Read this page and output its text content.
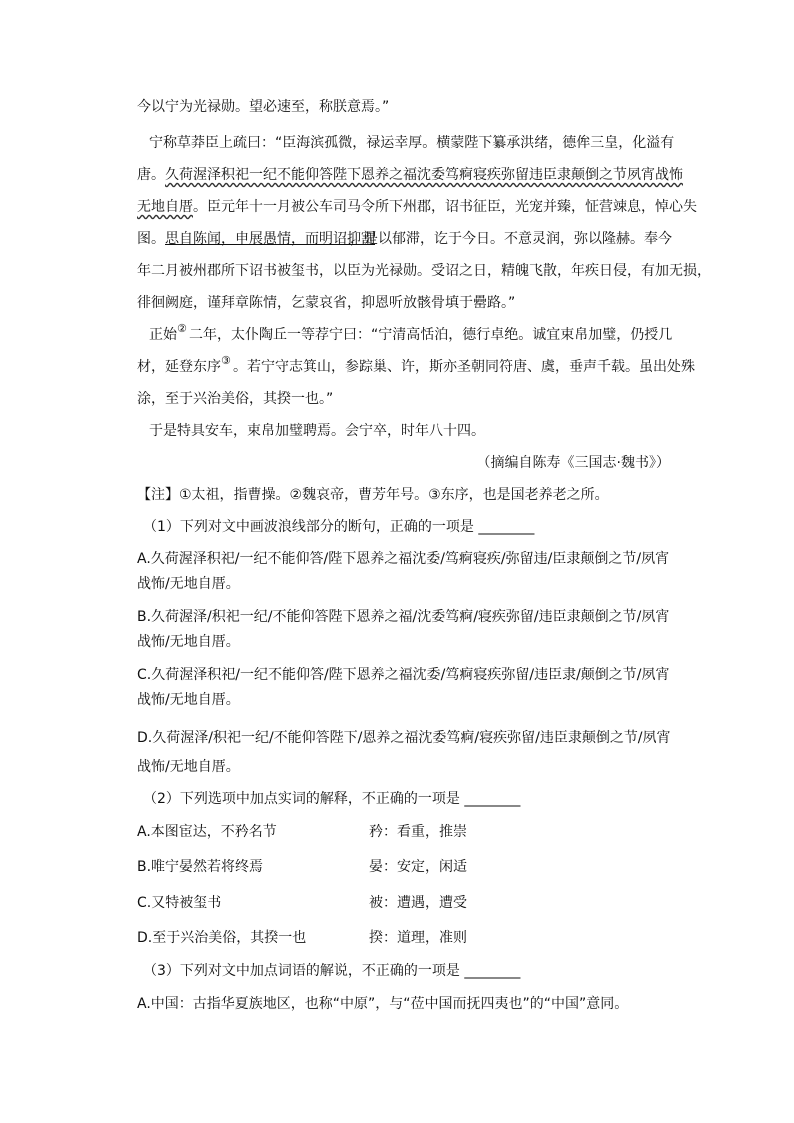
今以宁为光禄勋。望必速至，称朕意焉。”
宁称草莽臣上疏曰：“臣海滨孤微，禄运幸厚。横蒙陛下纂承洪绪，德侔三皇，化溢有
唐。 久荷渥泽积祀一纪不能仰答陛下恩养之福沈委笃痾寝疾弥留违臣隶颠倒之节夙宵战怖
无地自厝 。臣元年十一月被公车司马令所下州郡，诏书征臣，光宠并臻，怔营竦息，悼心失
图。 思自陈闻，申展愚情，而明诏抑割
，是以郁滞，讫于今日。不意灵润，弥以隆赫。奉今
年二月被州郡所下诏书被玺书，以臣为光禄勋。受诏之日，精魄飞散，年疾日侵，有加无损，
徘徊阙庭，谨拜章陈情，乞蒙哀省，抑恩听放骸骨填于罍路。”
正始 ② 二年，太仆陶丘一等荐宁曰：“宁清高恬泊，德行卓绝。诚宜束帛加璧，仍授几
材，延登东序 ③ 。若宁守志箕山，参踪巢、许，斯亦圣朝同符唐、虞，垂声千载。虽出处殊
涂，至于兴治美俗，其揆一也。”
于是特具安车，束帛加璧聘焉。会宁卒，时年八十四。
（摘编自陈寿《三国志·魏书》）
【注】①太祖，指曹操。②魏哀帝，曹芳年号。③东序，也是国老养老之所。
（1）下列对文中画波浪线部分的断句，正确的一项是 ________
A.久荷渥泽积祀/一纪不能仰答/陛下恩养之福沈委/笃痾寝疾/弥留违/臣隶颠倒之节/夙宵
战怖/无地自厝。
B.久荷渥泽/积祀一纪/不能仰答陛下恩养之福/沈委笃痾/寝疾弥留/违臣隶颠倒之节/夙宵
战怖/无地自厝。
C.久荷渥泽积祀/一纪不能仰答/陛下恩养之福沈委/笃痾寝疾弥留/违臣隶/颠倒之节/夙宵
战怖/无地自厝。
D.久荷渥泽/积祀一纪/不能仰答陛下/恩养之福沈委笃痾/寝疾弥留/违臣隶颠倒之节/夙宵
战怖/无地自厝。
（2）下列选项中加点实词的解释，不正确的一项是 ________
A.本图宦达，不矜名节	矜：看重，推崇
B.唯宁晏然若将终焉	晏：安定，闲适
C.又特被玺书	被：遭遇，遭受
D.至于兴治美俗，其揆一也	揆：道理，准则
（3）下列对文中加点词语的解说，不正确的一项是 ________
A.中国：古指华夏族地区，也称“中原”，与“莅中国而抚四夷也”的“中国”意同。
